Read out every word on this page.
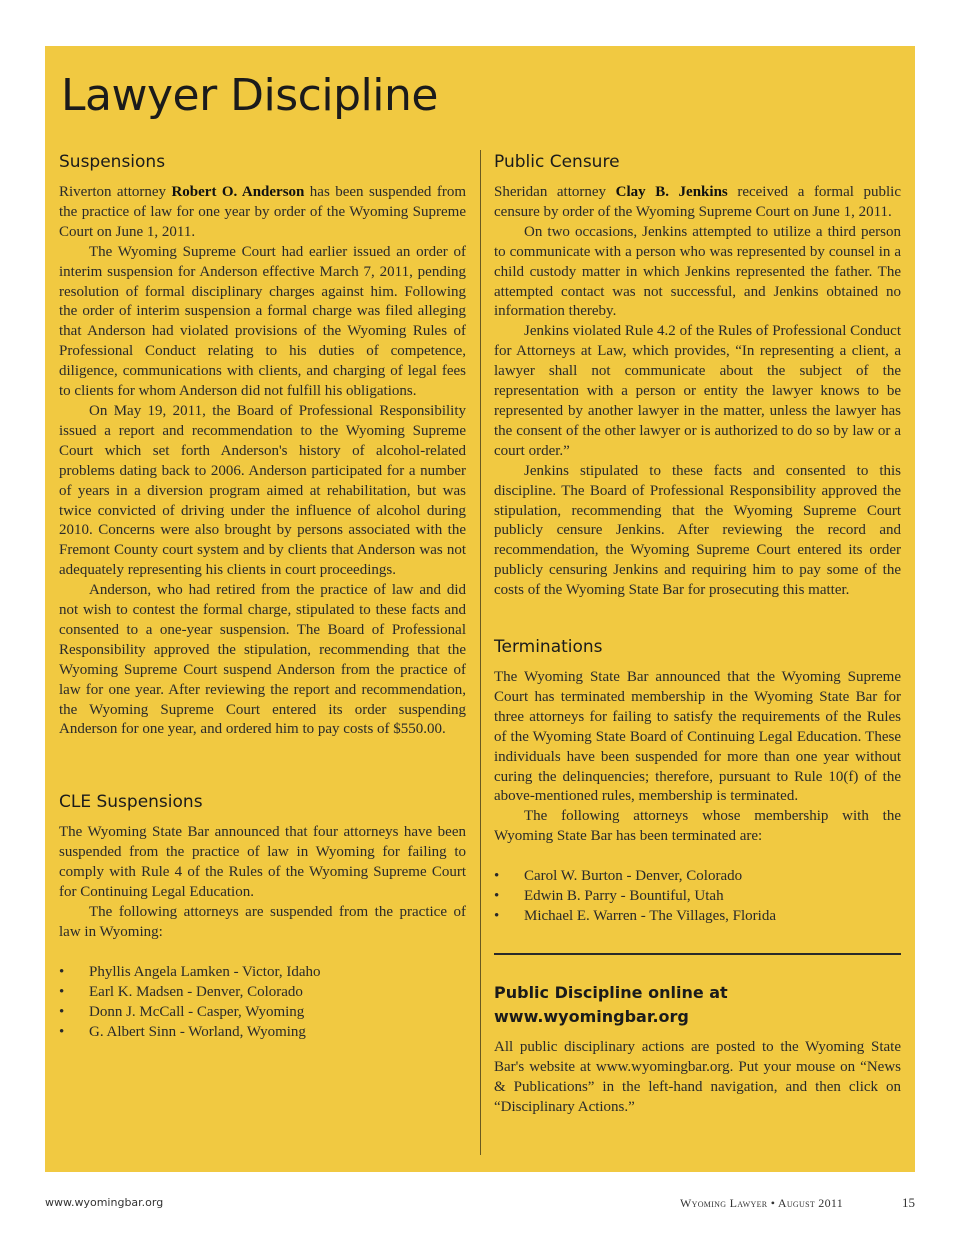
Lawyer Discipline
Suspensions

Riverton attorney Robert O. Anderson has been suspended from the practice of law for one year by order of the Wyoming Supreme Court on June 1, 2011.

The Wyoming Supreme Court had earlier issued an order of interim suspension for Anderson effective March 7, 2011, pending resolution of formal disciplinary charges against him. Following the order of interim suspension a formal charge was filed alleging that Anderson had violated provisions of the Wyoming Rules of Professional Conduct relating to his duties of competence, diligence, communications with clients, and charging of legal fees to clients for whom Anderson did not fulfill his obligations.

On May 19, 2011, the Board of Professional Responsibility issued a report and recommendation to the Wyoming Supreme Court which set forth Anderson's history of alcohol-related problems dating back to 2006. Anderson participated for a number of years in a diversion program aimed at rehabilitation, but was twice convicted of driving under the influence of alcohol during 2010. Concerns were also brought by persons associated with the Fremont County court system and by clients that Anderson was not adequately representing his clients in court proceedings.

Anderson, who had retired from the practice of law and did not wish to contest the formal charge, stipulated to these facts and consented to a one-year suspension. The Board of Professional Responsibility approved the stipulation, recommending that the Wyoming Supreme Court suspend Anderson from the practice of law for one year. After reviewing the report and recommendation, the Wyoming Supreme Court entered its order suspending Anderson for one year, and ordered him to pay costs of $550.00.

CLE Suspensions

The Wyoming State Bar announced that four attorneys have been suspended from the practice of law in Wyoming for failing to comply with Rule 4 of the Rules of the Wyoming Supreme Court for Continuing Legal Education.

The following attorneys are suspended from the practice of law in Wyoming:

• Phyllis Angela Lamken - Victor, Idaho
• Earl K. Madsen - Denver, Colorado
• Donn J. McCall - Casper, Wyoming
• G. Albert Sinn - Worland, Wyoming
Public Censure

Sheridan attorney Clay B. Jenkins received a formal public censure by order of the Wyoming Supreme Court on June 1, 2011.

On two occasions, Jenkins attempted to utilize a third person to communicate with a person who was represented by counsel in a child custody matter in which Jenkins represented the father. The attempted contact was not successful, and Jenkins obtained no information thereby.

Jenkins violated Rule 4.2 of the Rules of Professional Conduct for Attorneys at Law, which provides, “In representing a client, a lawyer shall not communicate about the subject of the representation with a person or entity the lawyer knows to be represented by another lawyer in the matter, unless the lawyer has the consent of the other lawyer or is authorized to do so by law or a court order.”

Jenkins stipulated to these facts and consented to this discipline. The Board of Professional Responsibility approved the stipulation, recommending that the Wyoming Supreme Court publicly censure Jenkins. After reviewing the record and recommendation, the Wyoming Supreme Court entered its order publicly censuring Jenkins and requiring him to pay some of the costs of the Wyoming State Bar for prosecuting this matter.

Terminations

The Wyoming State Bar announced that the Wyoming Supreme Court has terminated membership in the Wyoming State Bar for three attorneys for failing to satisfy the requirements of the Rules of the Wyoming State Board of Continuing Legal Education. These individuals have been suspended for more than one year without curing the delinquencies; therefore, pursuant to Rule 10(f) of the above-mentioned rules, membership is terminated.

The following attorneys whose membership with the Wyoming State Bar has been terminated are:

• Carol W. Burton - Denver, Colorado
• Edwin B. Parry - Bountiful, Utah
• Michael E. Warren - The Villages, Florida
Public Discipline online at www.wyomingbar.org

All public disciplinary actions are posted to the Wyoming State Bar's website at www.wyomingbar.org. Put your mouse on “News & Publications” in the left-hand navigation, and then click on “Disciplinary Actions.”

www.wyomingbar.org	Wyoming Lawyer • August 2011	15
